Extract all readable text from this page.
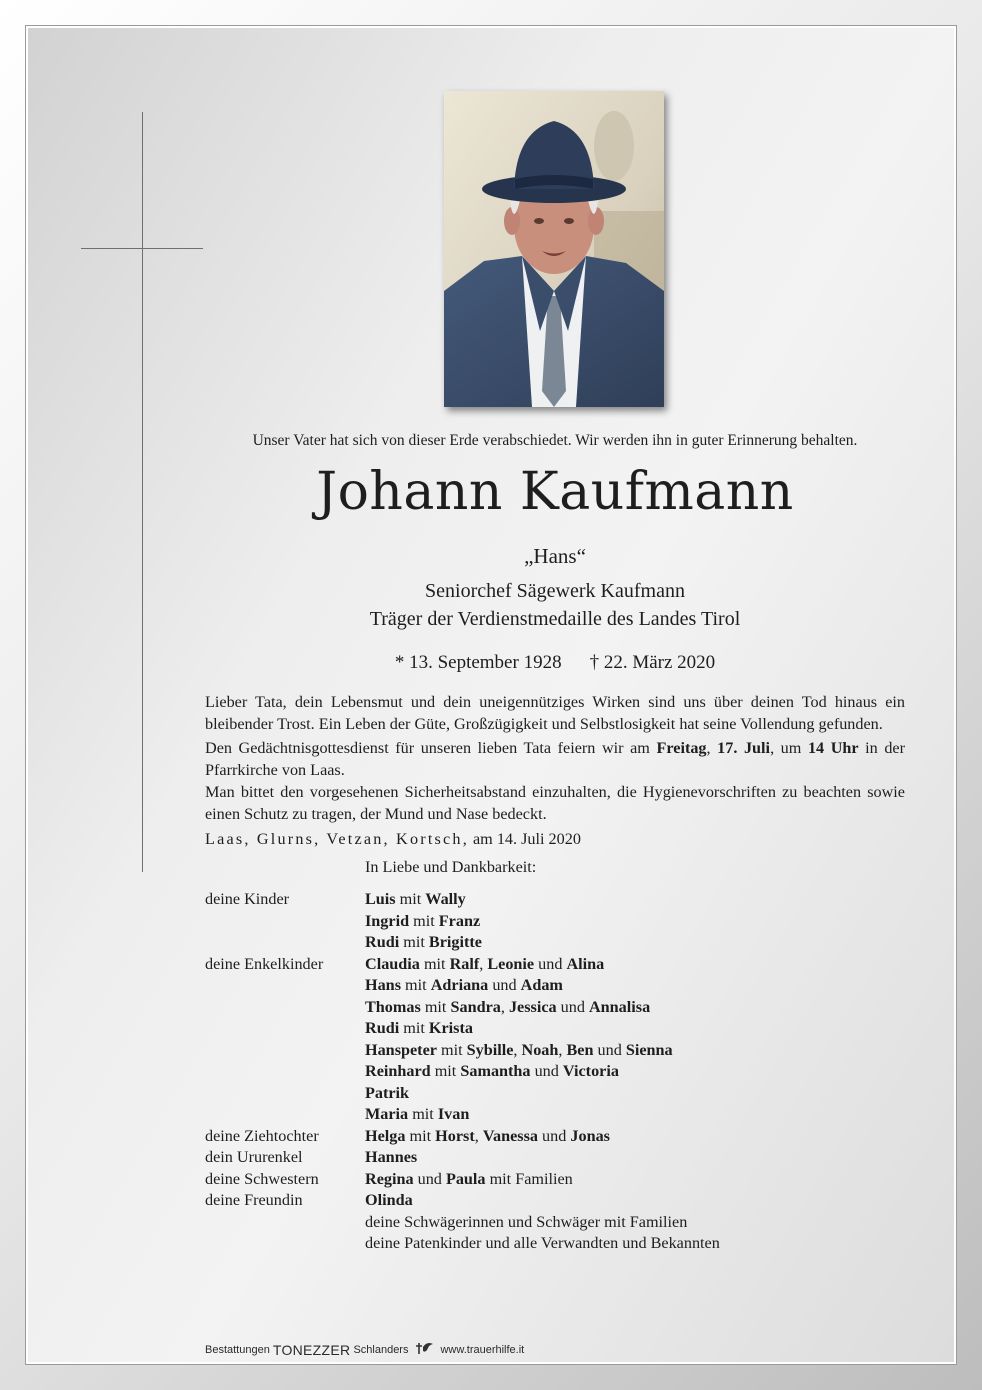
Unser Vater hat sich von dieser Erde verabschiedet. Wir werden ihn in guter Erinnerung behalten.
Johann Kaufmann
„Hans“
Seniorchef Sägewerk Kaufmann
Träger der Verdienstmedaille des Landes Tirol
* 13. September 1928 † 22. März 2020
Lieber Tata, dein Lebensmut und dein uneigennütziges Wirken sind uns über deinen Tod hinaus ein bleibender Trost. Ein Leben der Güte, Großzügigkeit und Selbstlosigkeit hat seine Vollendung gefunden.
Den Gedächtnisgottesdienst für unseren lieben Tata feiern wir am Freitag, 17. Juli, um 14 Uhr in der Pfarrkirche von Laas.
Man bittet den vorgesehenen Sicherheitsabstand einzuhalten, die Hygienevorschriften zu beachten sowie einen Schutz zu tragen, der Mund und Nase bedeckt.
Laas, Glurns, Vetzan, Kortsch, am 14. Juli 2020
In Liebe und Dankbarkeit:
deine Kinder	Luis mit Wally
Ingrid mit Franz
Rudi mit Brigitte
deine Enkelkinder	Claudia mit Ralf, Leonie und Alina
Hans mit Adriana und Adam
Thomas mit Sandra, Jessica und Annalisa
Rudi mit Krista
Hanspeter mit Sybille, Noah, Ben und Sienna
Reinhard mit Samantha und Victoria
Patrik
Maria mit Ivan
deine Ziehtochter	Helga mit Horst, Vanessa und Jonas
dein Ururenkel	Hannes
deine Schwestern	Regina und Paula mit Familien
deine Freundin	Olinda
deine Schwägerinnen und Schwäger mit Familien
deine Patenkinder und alle Verwandten und Bekannten
Bestattungen TONEZZER Schlanders	www.trauerhilfe.it
